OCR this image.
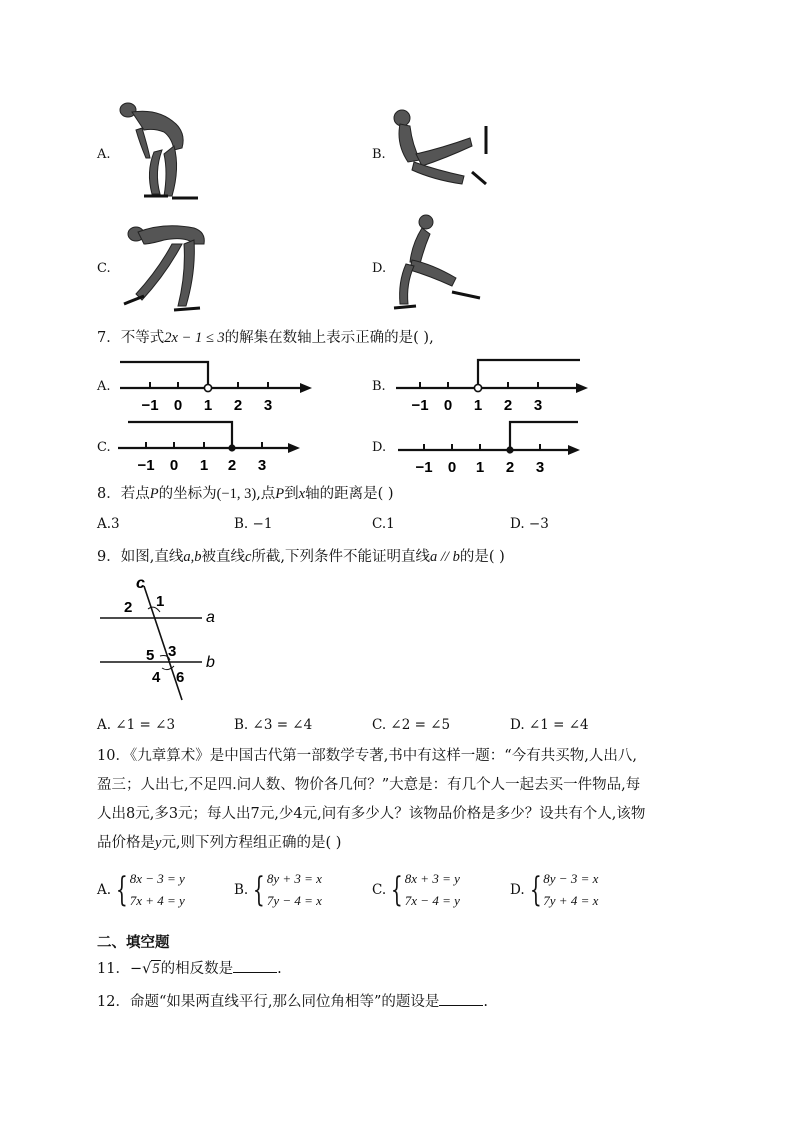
A.	B.
C.	D.
7．不等式2x − 1 ≤ 3的解集在数轴上表示正确的是( ),
A.
−1 0 1 2 3
B.
−1 0 1 2 3
C.
−1 0 1 2 3
D.
−1 0 1 2 3
8．若点P的坐标为(−1, 3),点P到x轴的距离是( )
A.3	B. −1	C.1	D. −3
9．如图,直线a,b被直线c所截,下列条件不能证明直线a // b的是( )
c
a
b
1
2
3
4
5
6
A. ∠1 = ∠3	B. ∠3 = ∠4	C. ∠2 = ∠5	D. ∠1 = ∠4
10．《九章算术》是中国古代第一部数学专著,书中有这样一题：“今有共买物,人出八,
盈三；人出七,不足四.问人数、物价各几何？”大意是：有几个人一起去买一件物品,每
人出8元,多3元；每人出7元,少4元,问有多少人？该物品价格是多少？设共有个人,该物
品价格是y元,则下列方程组正确的是( )
A. { 8x − 3 = y
7x + 4 = y
B. { 8y + 3 = x
7y − 4 = x
C. { 8x + 3 = y
7x − 4 = y
D. { 8y − 3 = x
7y + 4 = x
二、填空题
11．−√5的相反数是	.
12．命题“如果两直线平行,那么同位角相等”的题设是	.
